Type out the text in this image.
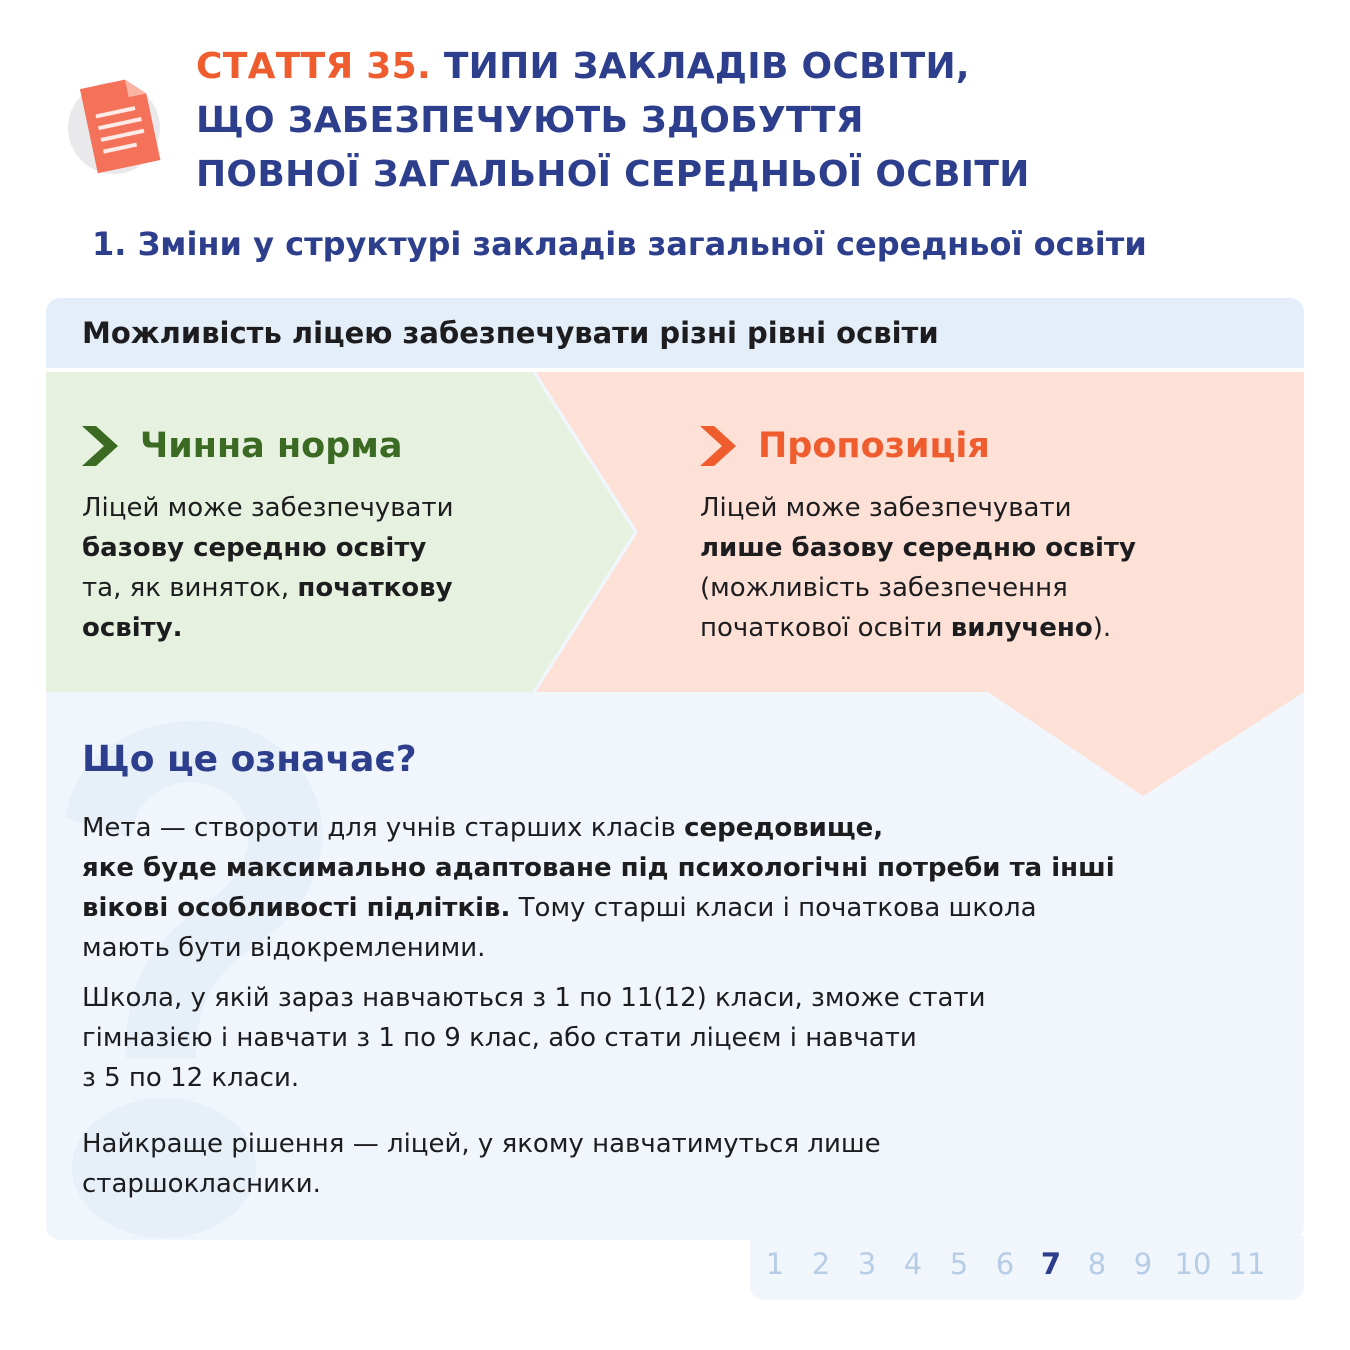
СТАТТЯ 35. ТИПИ ЗАКЛАДІВ ОСВІТИ,
ЩО ЗАБЕЗПЕЧУЮТЬ ЗДОБУТТЯ
ПОВНОЇ ЗАГАЛЬНОЇ СЕРЕДНЬОЇ ОСВІТИ
1. Зміни у структурі закладів загальної середньої освіти
Можливість ліцею забезпечувати різні рівні освіти
Чинна норма
Ліцей може забезпечувати
базову середню освіту
та, як виняток, початкову
освіту.
Пропозиція
Ліцей може забезпечувати
лише базову середню освіту
(можливість забезпечення
початкової освіти вилучено).
Що це означає?
Мета — створоти для учнів старших класів середовище,
яке буде максимально адаптоване під психологічні потреби та інші
вікові особливості підлітків. Тому старші класи і початкова школа
мають бути відокремленими.
Школа, у якій зараз навчаються з 1 по 11(12) класи, зможе стати
гімназією і навчати з 1 по 9 клас, або стати ліцеєм і навчати
з 5 по 12 класи.
Найкраще рішення — ліцей, у якому навчатимуться лише
старшокласники.
1 2 3 4 5 6 7 8 9 10 11
